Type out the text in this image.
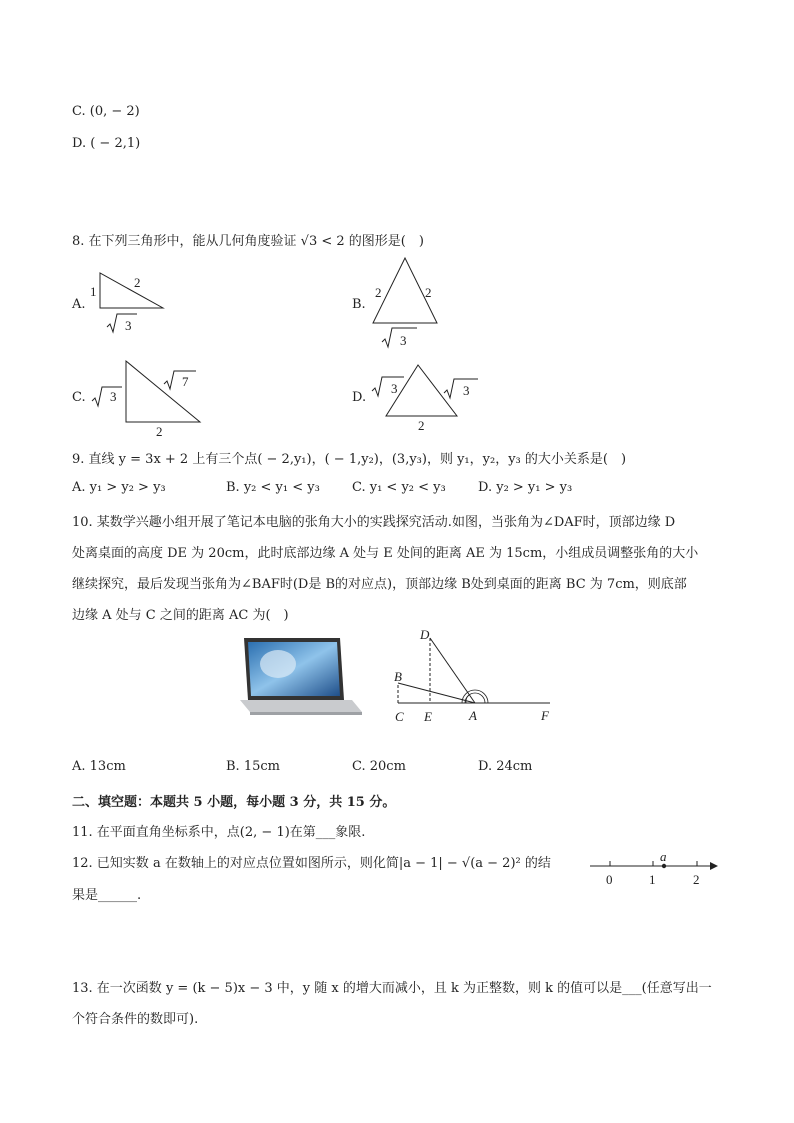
C. (0, − 2)
D. ( − 2,1)
8. 在下列三角形中，能从几何角度验证 √3 < 2 的图形是(　)
A.
1
2
3
B.
2	2
3
C. 3
7
2
D.
3	3
2
9. 直线 y = 3x + 2 上有三个点( − 2,y₁)，( − 1,y₂)，(3,y₃)，则 y₁，y₂，y₃ 的大小关系是(　)
A. y₁ > y₂ > y₃	B. y₂ < y₁ < y₃ C. y₁ < y₂ < y₃ D. y₂ > y₁ > y₃
10. 某数学兴趣小组开展了笔记本电脑的张角大小的实践探究活动.如图，当张角为∠DAF时，顶部边缘 D
处离桌面的高度 DE 为 20cm，此时底部边缘 A 处与 E 处间的距离 AE 为 15cm，小组成员调整张角的大小
继续探究，最后发现当张角为∠BAF时(D是 B的对应点)，顶部边缘 B处到桌面的距离 BC 为 7cm，则底部
边缘 A 处与 C 之间的距离 AC 为(　)
D
B
C E	A	F
A. 13cm	B. 15cm	C. 20cm	D. 24cm
二、填空题：本题共 5 小题，每小题 3 分，共 15 分。
11. 在平面直角坐标系中，点(2, − 1)在第___象限.
12. 已知实数 a 在数轴上的对应点位置如图所示，则化简|a − 1| − √(a − 2)² 的结
果是______.
a
0	1	2
13. 在一次函数 y = (k − 5)x − 3 中，y 随 x 的增大而减小，且 k 为正整数，则 k 的值可以是___(任意写出一
个符合条件的数即可).
